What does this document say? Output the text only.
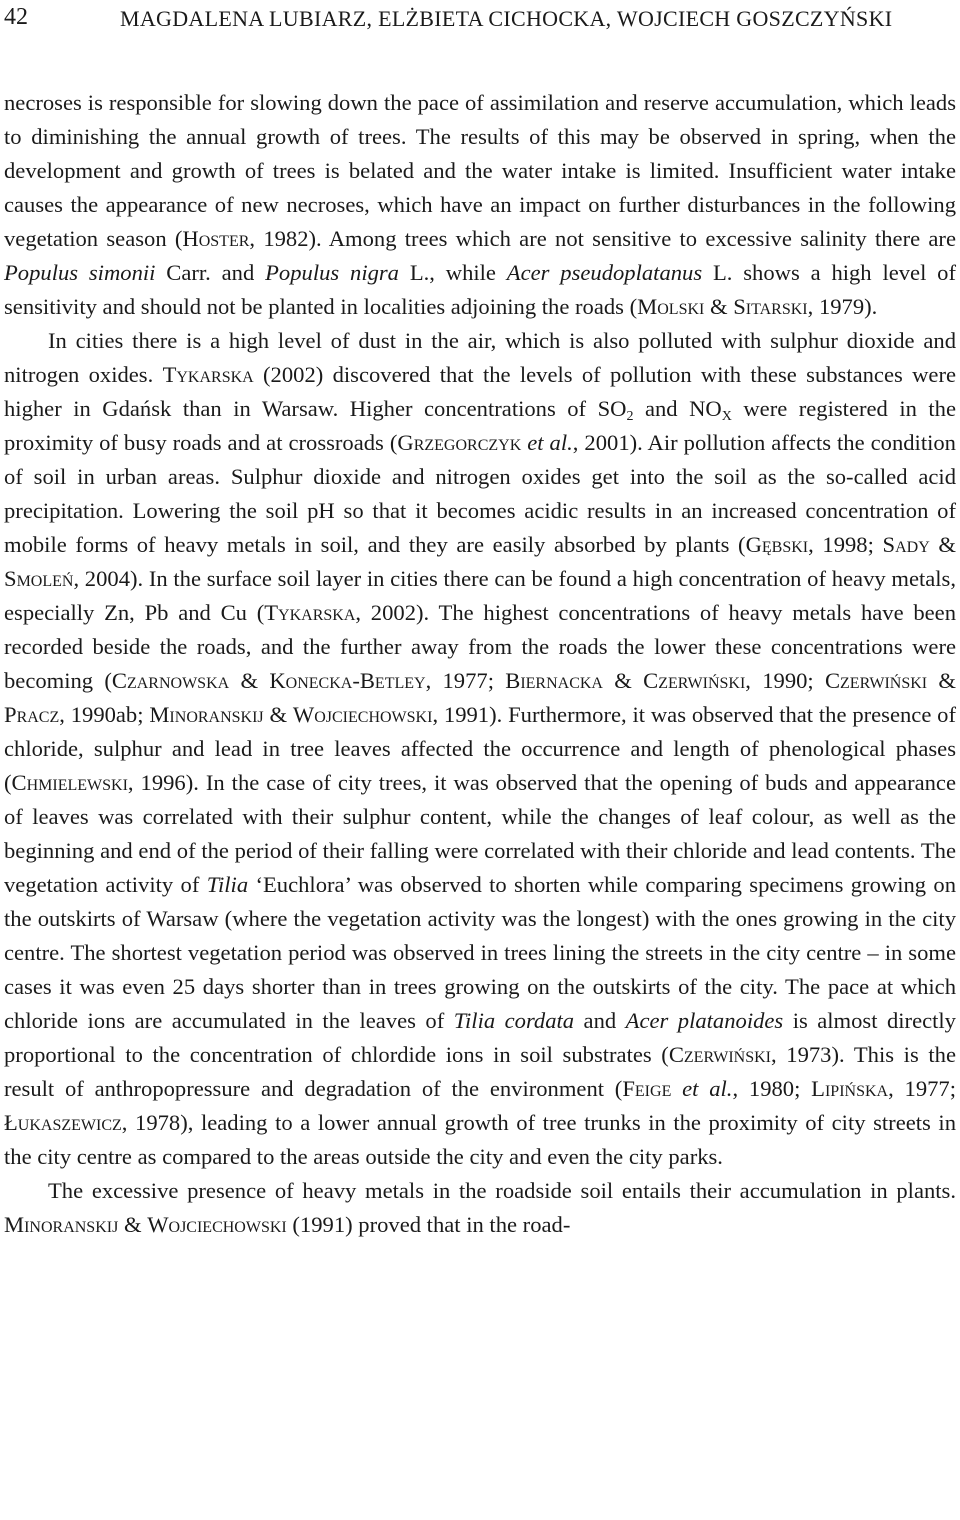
42	MAGDALENA LUBIARZ, ELŻBIETA CICHOCKA, WOJCIECH GOSZCZYŃSKI

necroses is responsible for slowing down the pace of assimilation and reserve accumulation, which leads to diminishing the annual growth of trees. The results of this may be observed in spring, when the development and growth of trees is belated and the water intake is limited. Insufficient water intake causes the appearance of new necroses, which have an impact on further disturbances in the following vegetation season (Hoster, 1982). Among trees which are not sensitive to excessive salinity there are Populus simonii Carr. and Populus nigra L., while Acer pseudoplatanus L. shows a high level of sensitivity and should not be planted in localities adjoining the roads (Molski & Sitarski, 1979).

In cities there is a high level of dust in the air, which is also polluted with sulphur dioxide and nitrogen oxides. Tykarska (2002) discovered that the levels of pollution with these substances were higher in Gdańsk than in Warsaw. Higher concentrations of $SO_2$ and $NO_X$ were registered in the proximity of busy roads and at crossroads (Grzegorczyk et al., 2001). Air pollution affects the condition of soil in urban areas. Sulphur dioxide and nitrogen oxides get into the soil as the so-called acid precipitation. Lowering the soil pH so that it becomes acidic results in an increased concentration of mobile forms of heavy metals in soil, and they are easily absorbed by plants (Gębski, 1998; Sady & Smoleń, 2004). In the surface soil layer in cities there can be found a high concentration of heavy metals, especially Zn, Pb and Cu (Tykarska, 2002). The highest concentrations of heavy metals have been recorded beside the roads, and the further away from the roads the lower these concentrations were becoming (Czarnowska & Konecka-Betley, 1977; Biernacka & Czerwiński, 1990; Czerwiński & Pracz, 1990ab; Minoranskij & Wojciechowski, 1991). Furthermore, it was observed that the presence of chloride, sulphur and lead in tree leaves affected the occurrence and length of phenological phases (Chmielewski, 1996). In the case of city trees, it was observed that the opening of buds and appearance of leaves was correlated with their sulphur content, while the changes of leaf colour, as well as the beginning and end of the period of their falling were correlated with their chloride and lead contents. The vegetation activity of Tilia ‘Euchlora’ was observed to shorten while comparing specimens growing on the outskirts of Warsaw (where the vegetation activity was the longest) with the ones growing in the city centre. The shortest vegetation period was observed in trees lining the streets in the city centre – in some cases it was even 25 days shorter than in trees growing on the outskirts of the city. The pace at which chloride ions are accumulated in the leaves of Tilia cordata and Acer platanoides is almost directly proportional to the concentration of chlordide ions in soil substrates (Czerwiński, 1973). This is the result of anthropopressure and degradation of the environment (Feige et al., 1980; Lipińska, 1977; Łukaszewicz, 1978), leading to a lower annual growth of tree trunks in the proximity of city streets in the city centre as compared to the areas outside the city and even the city parks.

The excessive presence of heavy metals in the roadside soil entails their accumulation in plants. Minoranskij & Wojciechowski (1991) proved that in the road-
